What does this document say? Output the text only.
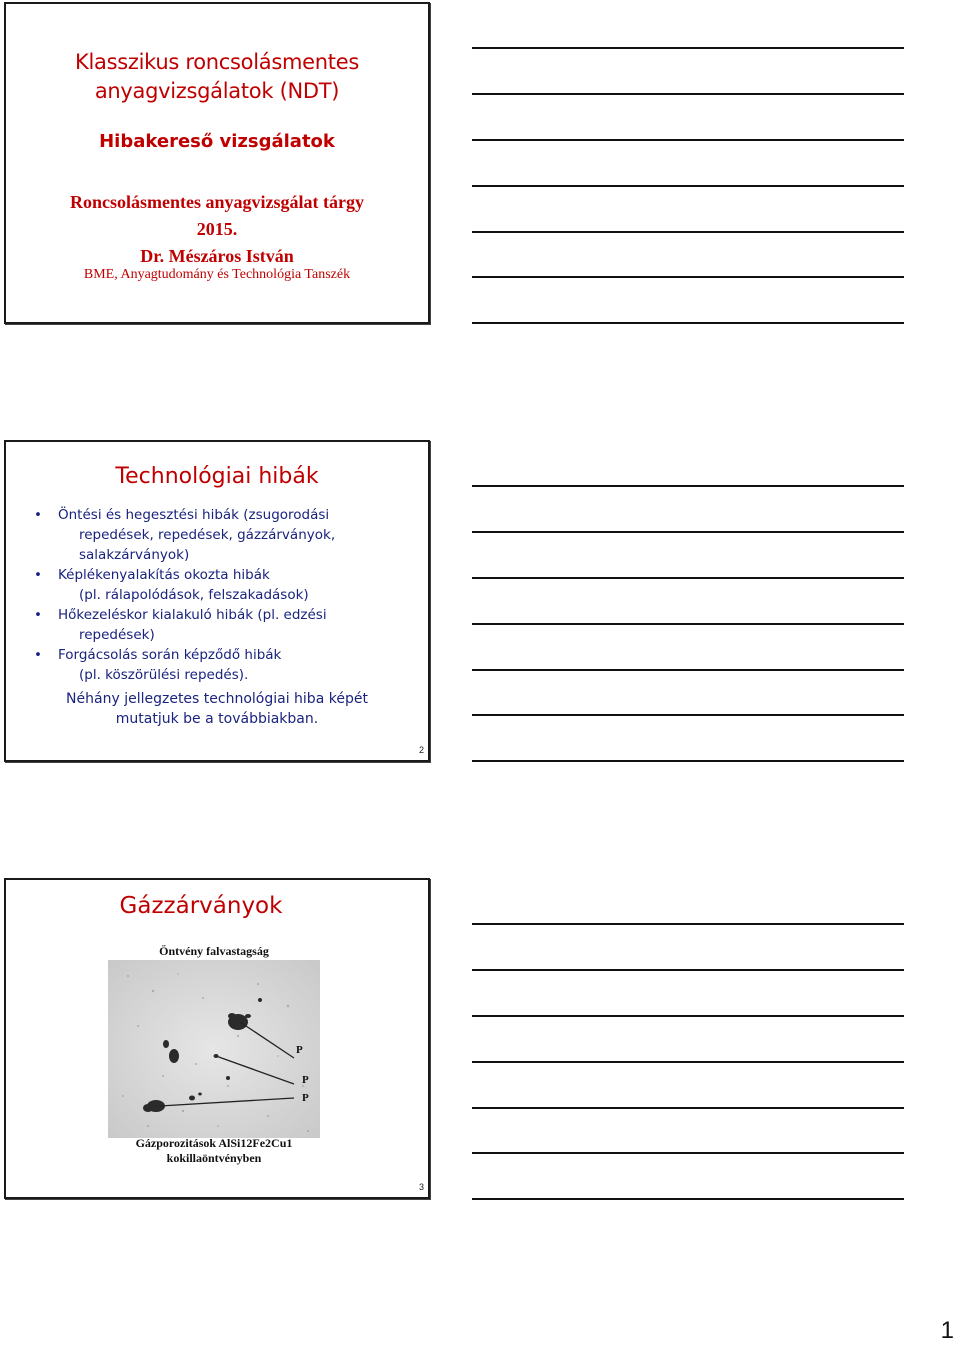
Klasszikus roncsolásmentes
anyagvizsgálatok (NDT)
Hibakereső vizsgálatok
Roncsolásmentes anyagvizsgálat tárgy
2015.
Dr. Mészáros István
BME, Anyagtudomány és Technológia Tanszék
Technológiai hibák
• Öntési és hegesztési hibák (zsugorodási
repedések, repedések, gázzárványok,
salakzárványok)
• Képlékenyalakítás okozta hibák
(pl. rálapolódások, felszakadások)
• Hőkezeléskor kialakuló hibák (pl. edzési
repedések)
• Forgácsolás során képződő hibák
(pl. köszörülési repedés).
Néhány jellegzetes technológiai hiba képét
mutatjuk be a továbbiakban.
2
Gázzárványok
Öntvény falvastagság
P
P
P
Gázporozitások AlSi12Fe2Cu1
kokillaöntvényben
3
1
